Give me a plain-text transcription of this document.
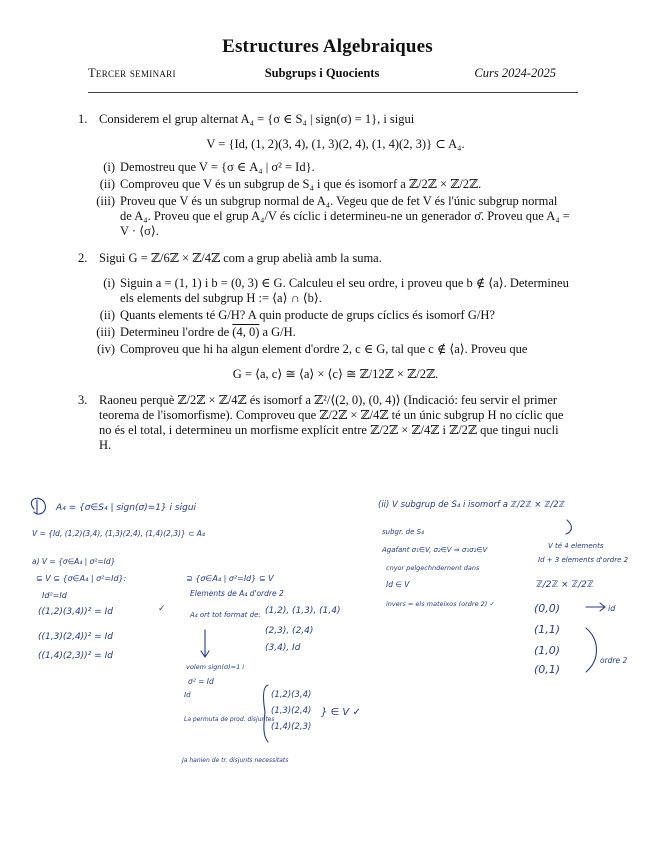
Estructures Algebraiques
Tercer seminari	Subgrups i Quocients	Curs 2024-2025
1. Considerem el grup alternat A₄ = {σ ∈ S₄ | sign(σ) = 1}, i sigui
V = {Id, (1, 2)(3, 4), (1, 3)(2, 4), (1, 4)(2, 3)} ⊂ A₄.
(i) Demostreu que V = {σ ∈ A₄ | σ² = Id}.
(ii) Comproveu que V és un subgrup de S₄ i que és isomorf a ℤ/2ℤ × ℤ/2ℤ.
(iii) Proveu que V és un subgrup normal de A₄. Vegeu que de fet V és l'únic subgrup normal de A₄. Proveu que el grup A₄/V és cíclic i determineu-ne un generador σ̄. Proveu que A₄ = V · ⟨σ⟩.
2. Sigui G = ℤ/6ℤ × ℤ/4ℤ com a grup abelià amb la suma.
(i) Siguin a = (1, 1) i b = (0, 3) ∈ G. Calculeu el seu ordre, i proveu que b ∉ ⟨a⟩. Determineu els elements del subgrup H := ⟨a⟩ ∩ ⟨b⟩.
(ii) Quants elements té G/H? A quin producte de grups cíclics és isomorf G/H?
(iii) Determineu l'ordre de (4, 0) a G/H.
(iv) Comproveu que hi ha algun element d'ordre 2, c ∈ G, tal que c ∉ ⟨a⟩. Proveu que
G = ⟨a, c⟩ ≅ ⟨a⟩ × ⟨c⟩ ≅ ℤ/12ℤ × ℤ/2ℤ.
3. Raoneu perquè ℤ/2ℤ × ℤ/4ℤ és isomorf a ℤ²/⟨(2, 0), (0, 4)⟩ (Indicació: feu servir el primer teorema de l'isomorfisme). Comproveu que ℤ/2ℤ × ℤ/4ℤ té un únic subgrup H no cíclic que no és el total, i determineu un morfisme explícit entre ℤ/2ℤ × ℤ/4ℤ i ℤ/2ℤ que tingui nucli H.
A₄ = {σ∈S₄ | sign(σ)=1} i sigui
V = {Id, (1,2)(3,4), (1,3)(2,4), (1,4)(2,3)} ⊂ A₄
a) V = {σ∈A₄ | σ²=Id}
⊆ V ⊆ {σ∈A₄ | σ²=Id}:
Id²=Id
((1,2)(3,4))² = Id
((1,3)(2,4))² = Id
((1,4)(2,3))² = Id
✓
⊇ {σ∈A₄ | σ²=Id} ⊆ V
Elements de A₄ d'ordre 2
A₄ ort tot format de: (1,2), (1,3), (1,4)
(2,3), (2,4)
(3,4), Id
volem sign(σ)=1 i
σ² = Id
Id
La permuta de prod. disjuntes
(1,2)(3,4)
(1,3)(2,4)
(1,4)(2,3)
} ∈ V ✓
Ja hanien de tr. disjunts necessitats
(ii) V subgrup de S₄ i isomorf a ℤ/2ℤ × ℤ/2ℤ
subgr. de S₄
Agafant σ₁∈V, σ₂∈V ⇒ σ₁σ₂∈V
cnyor pelgechndernent dans
Id ∈ V
invers = els mateixos (ordre 2) ✓
V té 4 elements
Id + 3 elements d'ordre 2
ℤ/2ℤ × ℤ/2ℤ
(0,0)
(1,1)
(1,0)
(0,1)
id
ordre 2
